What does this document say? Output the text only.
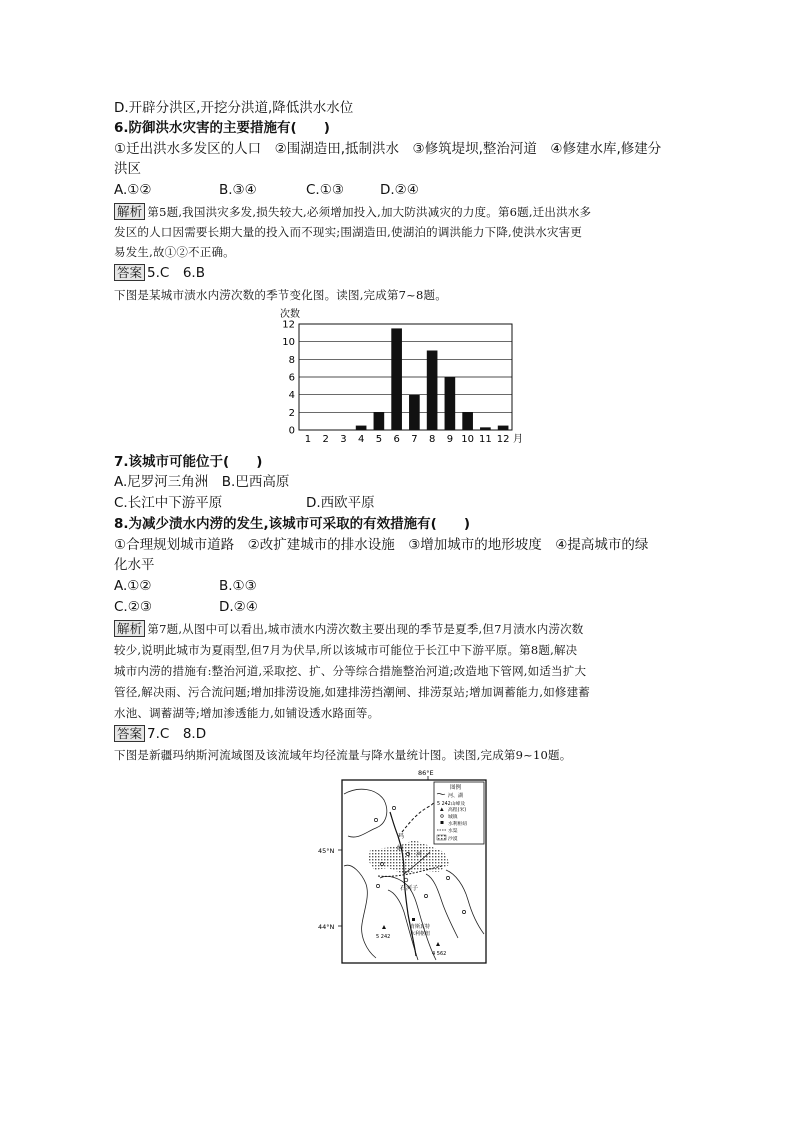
D.开辟分洪区,开挖分洪道,降低洪水水位
6.防御洪水灾害的主要措施有(　　)
①迁出洪水多发区的人口　②围湖造田,抵制洪水　③修筑堤坝,整治河道　④修建水库,修建分
洪区
A.①②	B.③④	C.①③	D.②④
解析 第5题,我国洪灾多发,损失较大,必须增加投入,加大防洪减灾的力度。第6题,迁出洪水多
发区的人口因需要长期大量的投入而不现实;围湖造田,使湖泊的调洪能力下降,使洪水灾害更
易发生,故①②不正确。
答案 5.C　6.B
下图是某城市渍水内涝次数的季节变化图。读图,完成第7~8题。
0
2
4
6
8
10
12
次数
1 2 3 4 5 6 7 8 9 10 11 12 月
7.该城市可能位于(　　)
A.尼罗河三角洲　B.巴西高原
C.长江中下游平原	D.西欧平原
8.为减少渍水内涝的发生,该城市可采取的有效措施有(　　)
①合理规划城市道路　②改扩建城市的排水设施　③增加城市的地形坡度　④提高城市的绿
化水平
A.①②	B.①③
C.②③	D.②④
解析 第7题,从图中可以看出,城市渍水内涝次数主要出现的季节是夏季,但7月渍水内涝次数
较少,说明此城市为夏雨型,但7月为伏旱,所以该城市可能位于长江中下游平原。第8题,解决
城市内涝的措施有:整治河道,采取挖、扩、分等综合措施整治河道;改造地下管网,如适当扩大
管径,解决雨、污合流问题;增加排涝设施,如建排涝挡潮闸、排涝泵站;增加调蓄能力,如修建蓄
水池、调蓄湖等;增加渗透能力,如铺设透水路面等。
答案 7.C　8.D
下图是新疆玛纳斯河流域图及该流域年均径流量与降水量统计图。读图,完成第9~10题。
86°E
45°N
44°N
玛
纳
河
石河子
肯斯瓦特
水利枢纽
5 242
4 562
图例
河、湖
5 242山峰及
高程(米)
城镇
水利枢纽
水渠
沙漠
